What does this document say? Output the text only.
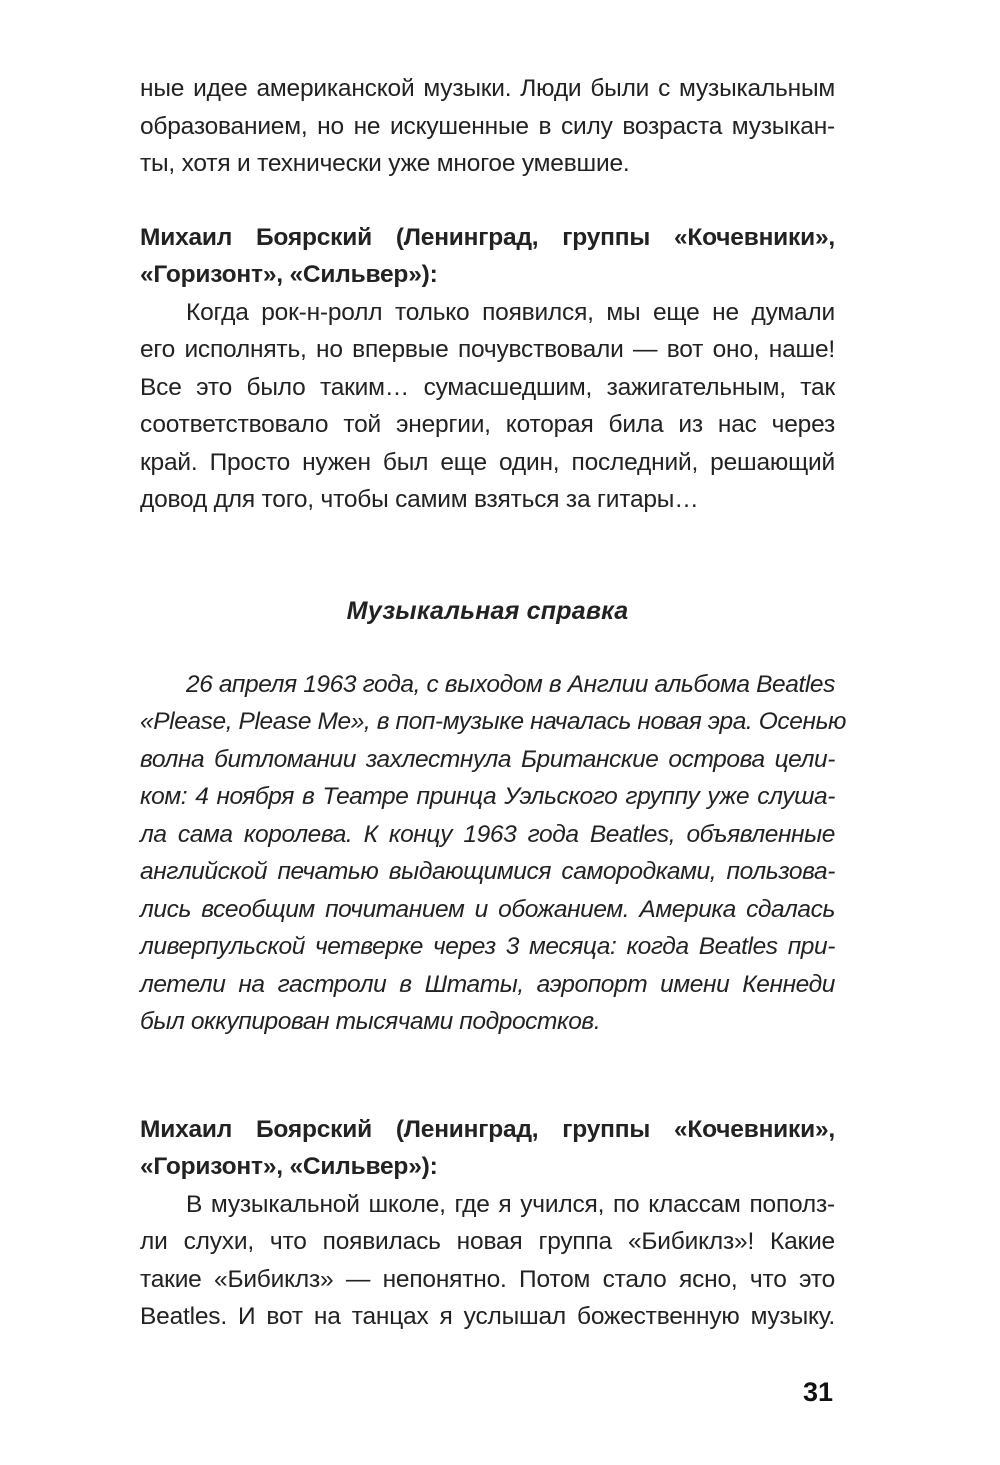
ные идее американской музыки. Люди были с музыкальным
образованием, но не искушенные в силу возраста музыкан-
ты, хотя и технически уже многое умевшие.
Михаил Боярский (Ленинград, группы «Кочевники»,
«Горизонт», «Сильвер»):
Когда рок-н-ролл только появился, мы еще не думали
его исполнять, но впервые почувствовали — вот оно, наше!
Все это было таким… сумасшедшим, зажигательным, так
соответствовало той энергии, которая била из нас через
край. Просто нужен был еще один, последний, решающий
довод для того, чтобы самим взяться за гитары…
Музыкальная справка
26 апреля 1963 года, с выходом в Англии альбома Beatles
«Please, Please Me», в поп-музыке началась новая эра. Осенью
волна битломании захлестнула Британские острова цели-
ком: 4 ноября в Театре принца Уэльского группу уже слуша-
ла сама королева. К концу 1963 года Beatles, объявленные
английской печатью выдающимися самородками, пользова-
лись всеобщим почитанием и обожанием. Америка сдалась
ливерпульской четверке через 3 месяца: когда Beatles при-
летели на гастроли в Штаты, аэропорт имени Кеннеди
был оккупирован тысячами подростков.
Михаил Боярский (Ленинград, группы «Кочевники»,
«Горизонт», «Сильвер»):
В музыкальной школе, где я учился, по классам пополз-
ли слухи, что появилась новая группа «Бибиклз»! Какие
такие «Бибиклз» — непонятно. Потом стало ясно, что это
Beatles. И вот на танцах я услышал божественную музыку.
31
